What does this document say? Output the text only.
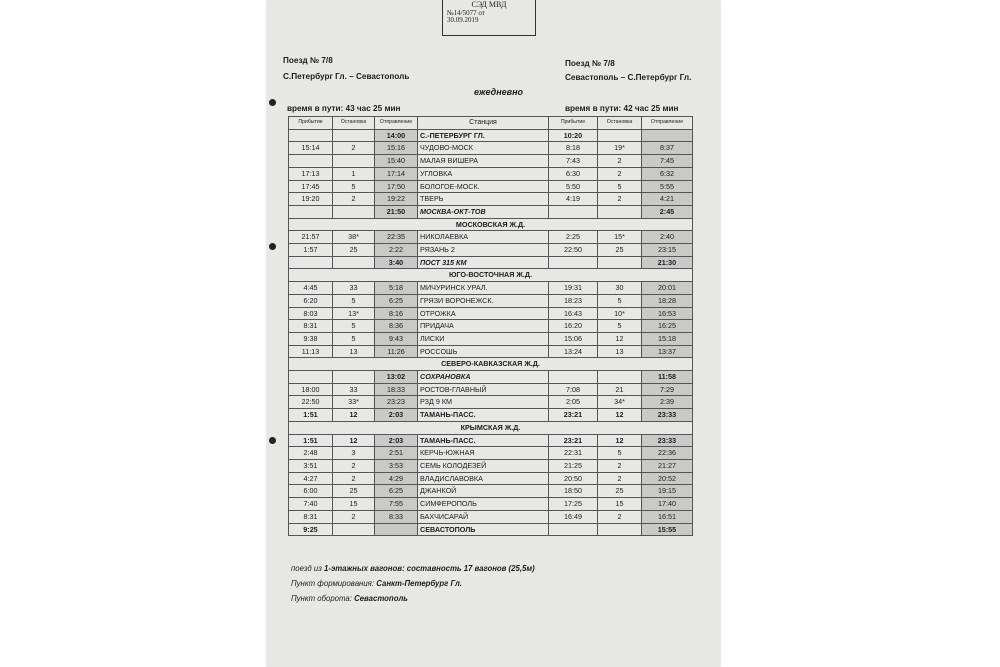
СЭД МВД
№14/5077 от
30.09.2019
Поезд № 7/8
С.Петербург Гл. – Севастополь
Поезд № 7/8
Севастополь – С.Петербург Гл.
ежедневно
время в пути: 43 час 25 мин	время в пути: 42 час 25 мин
Прибытие	Остановка	Отправление	Станция	Прибытие	Остановка	Отправление
		14:00	С.-ПЕТЕРБУРГ ГЛ.	10:20		
15:14	2	15:16	ЧУДОВО-МОСК	8:18	19*	8:37
		15:40	МАЛАЯ ВИШЕРА	7:43	2	7:45
17:13	1	17:14	УГЛОВКА	6:30	2	6:32
17:45	5	17:50	БОЛОГОЕ-МОСК.	5:50	5	5:55
19:20	2	19:22	ТВЕРЬ	4:19	2	4:21
		21:50	МОСКВА-ОКТ-ТОВ			2:45
МОСКОВСКАЯ Ж.Д.						
21:57	38*	22:35	НИКОЛАЕВКА	2:25	15*	2:40
1:57	25	2:22	РЯЗАНЬ 2	22:50	25	23:15
		3:40	ПОСТ 315 КМ			21:30
ЮГО-ВОСТОЧНАЯ Ж.Д.						
4:45	33	5:18	МИЧУРИНСК УРАЛ.	19:31	30	20:01
6:20	5	6:25	ГРЯЗИ ВОРОНЕЖСК.	18:23	5	18:28
8:03	13*	8:16	ОТРОЖКА	16:43	10*	16:53
8:31	5	8:36	ПРИДАЧА	16:20	5	16:25
9:38	5	9:43	ЛИСКИ	15:06	12	15:18
11:13	13	11:26	РОССОШЬ	13:24	13	13:37
СЕВЕРО-КАВКАЗСКАЯ Ж.Д.						
		13:02	СОХРАНОВКА			11:58
18:00	33	18:33	РОСТОВ-ГЛАВНЫЙ	7:08	21	7:29
22:50	33*	23:23	РЗД 9 КМ	2:05	34*	2:39
1:51	12	2:03	ТАМАНЬ-ПАСС.	23:21	12	23:33
КРЫМСКАЯ Ж.Д.						
1:51	12	2:03	ТАМАНЬ-ПАСС.	23:21	12	23:33
2:48	3	2:51	КЕРЧЬ-ЮЖНАЯ	22:31	5	22:36
3:51	2	3:53	СЕМЬ КОЛОДЕЗЕЙ	21:25	2	21:27
4:27	2	4:29	ВЛАДИСЛАВОВКА	20:50	2	20:52
6:00	25	6:25	ДЖАНКОЙ	18:50	25	19:15
7:40	15	7:55	СИМФЕРОПОЛЬ	17:25	15	17:40
8:31	2	8:33	БАХЧИСАРАЙ	16:49	2	16:51
9:25			СЕВАСТОПОЛЬ			15:55
поезд из 1-этажных вагонов: составность 17 вагонов (25,5м)
Пункт формирования: Санкт-Петербург Гл.
Пункт оборота: Севастополь
